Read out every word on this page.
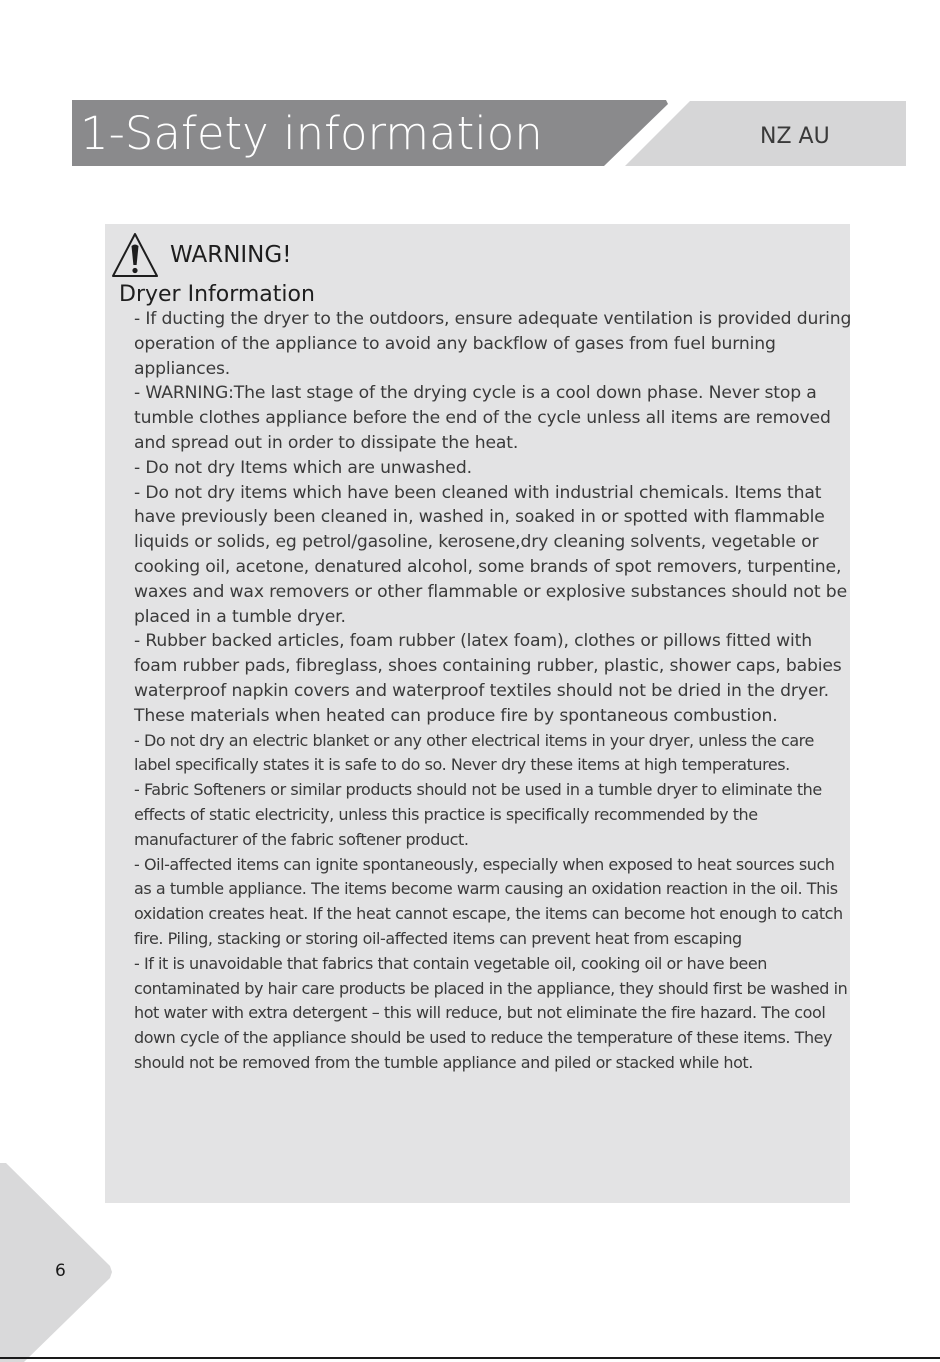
1-Safety information	NZ AU
WARNING!
Dryer Information

- If ducting the dryer to the outdoors, ensure adequate ventilation is provided during operation of the appliance to avoid any backflow of gases from fuel burning appliances.

- WARNING:The last stage of the drying cycle is a cool down phase. Never stop a tumble clothes appliance before the end of the cycle unless all items are removed and spread out in order to dissipate the heat.

- Do not dry Items which are unwashed.

- Do not dry items which have been cleaned with industrial chemicals. Items that have previously been cleaned in, washed in, soaked in or spotted with flammable liquids or solids, eg petrol/gasoline, kerosene,dry cleaning solvents, vegetable or cooking oil, acetone, denatured alcohol, some brands of spot removers, turpentine, waxes and wax removers or other flammable or explosive substances should not be placed in a tumble dryer.

- Rubber backed articles, foam rubber (latex foam), clothes or pillows fitted with foam rubber pads, fibreglass, shoes containing rubber, plastic, shower caps, babies waterproof napkin covers and waterproof textiles should not be dried in the dryer. These materials when heated can produce fire by spontaneous combustion.

- Do not dry an electric blanket or any other electrical items in your dryer, unless the care label specifically states it is safe to do so. Never dry these items at high temperatures.

- Fabric Softeners or similar products should not be used in a tumble dryer to eliminate the effects of static electricity, unless this practice is specifically recommended by the manufacturer of the fabric softener product.

- Oil-affected items can ignite spontaneously, especially when exposed to heat sources such as a tumble appliance. The items become warm causing an oxidation reaction in the oil. This oxidation creates heat. If the heat cannot escape, the items can become hot enough to catch fire. Piling, stacking or storing oil-affected items can prevent heat from escaping

- If it is unavoidable that fabrics that contain vegetable oil, cooking oil or have been contaminated by hair care products be placed in the appliance, they should first be washed in hot water with extra detergent – this will reduce, but not eliminate the fire hazard. The cool down cycle of the appliance should be used to reduce the temperature of these items. They should not be removed from the tumble appliance and piled or stacked while hot.

6
